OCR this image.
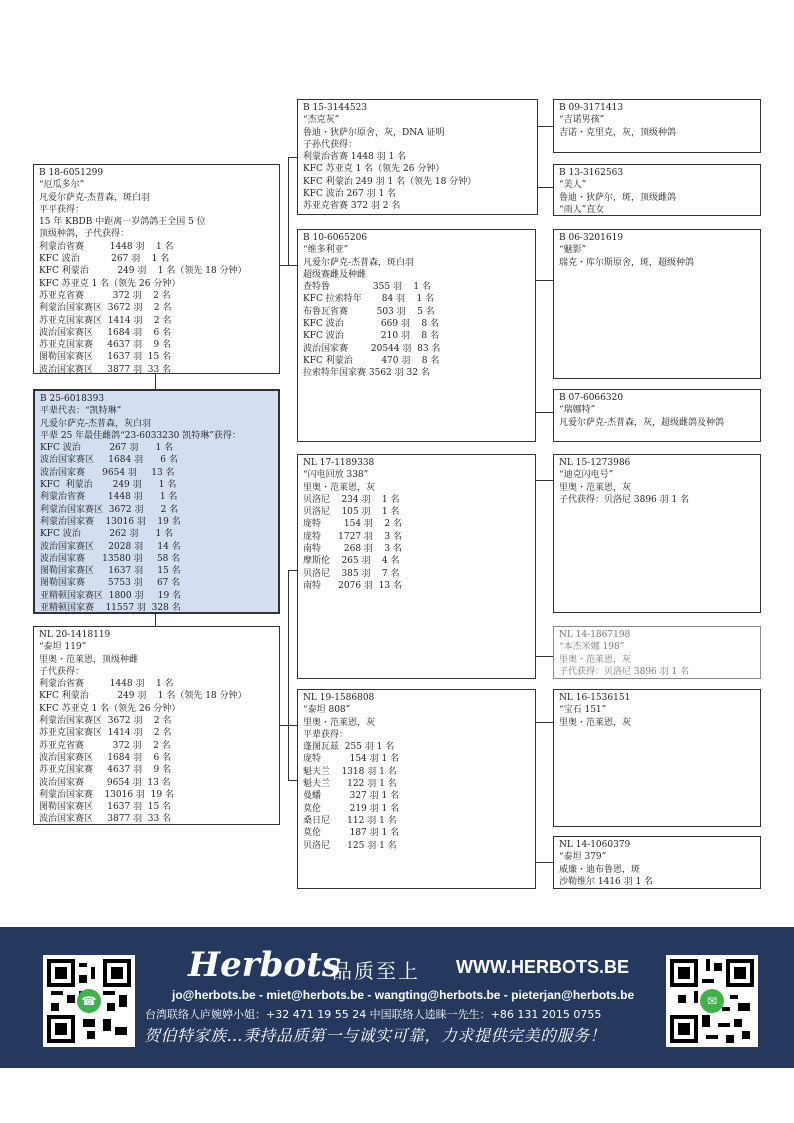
B 25-6018393
平辈代表：“凯特琳”
凡爱尔萨克-杰普森，灰白羽
平辈 25 年最佳雌鸽“23-6033230 凯特琳”获得：
KFC 波治          267 羽      1 名
波治国家赛区     1684 羽      6 名
波治国家赛      9654 羽     13 名
KFC  利蒙治       249 羽      1 名
利蒙治省赛        1448 羽      1 名
利蒙治国家赛区  3672 羽      2 名
利蒙治国家赛    13016 羽    19 名
KFC 波治          262 羽      1 名
波治国家赛区     2028 羽     14 名
波治国家赛      13580 羽     58 名
图勒国家赛区     1637 羽     15 名
图勒国家赛        5753 羽     67 名
亚精顿国家赛区  1800 羽     19 名
亚精顿国家赛    11557 羽  328 名
B 18-6051299
“厄瓜多尔”
凡爱尔萨克-杰普森，斑白羽
平平获得：
15 年 KBDB 中距离一岁鸽鸽王全国 5 位
顶级种鸽，子代获得：
利蒙治省赛         1448 羽    1 名
KFC 波治           267 羽    1 名
KFC 利蒙治          249 羽    1 名（领先 18 分钟）
KFC 苏亚克 1 名（领先 26 分钟）
苏亚克省赛          372 羽    2 名
利蒙治国家赛区  3672 羽    2 名
苏亚克国家赛区  1414 羽    2 名
波治国家赛区     1684 羽    6 名
苏亚克国家赛     4637 羽    9 名
图勒国家赛区     1637 羽  15 名
波治国家赛区     3877 羽  33 名
NL 20-1418119
“泰坦 119”
里奥・范莱恩，顶级种雌
子代获得：
利蒙治省赛         1448 羽    1 名
KFC 利蒙治          249 羽    1 名（领先 18 分钟）
KFC 苏亚克 1 名（领先 26 分钟）
利蒙治国家赛区  3672 羽    2 名
苏亚克国家赛区  1414 羽    2 名
苏亚克省赛          372 羽    2 名
波治国家赛区     1684 羽    6 名
苏亚克国家赛     4637 羽    9 名
波治国家赛        9654 羽  13 名
利蒙治国家赛    13016 羽  19 名
图勒国家赛区     1637 羽  15 名
波治国家赛区     3877 羽  33 名
B 15-3144523
“杰克灰”
鲁迪・狄萨尔原舍，灰，DNA 证明
子孙代获得：
利蒙治省赛 1448 羽 1 名
KFC 苏亚克 1 名（领先 26 分钟）
KFC 利蒙治 249 羽 1 名（领先 18 分钟）
KFC 波治 267 羽 1 名
苏亚克省赛 372 羽 2 名
B 10-6065206
“维多利亚”
凡爱尔萨克-杰普森，斑白羽
超级赛雌及种雌
查特鲁               355 羽    1 名
KFC 拉索特年       84 羽    1 名
布鲁瓦省赛          503 羽    5 名
KFC 波治             669 羽    8 名
KFC 波治             210 羽    8 名
波治国家赛        20544 羽  83 名
KFC 利蒙治          470 羽    8 名
拉索特年国家赛 3562 羽 32 名
NL 17-1189338
“闪电回放 338”
里奥・范莱恩，灰
贝洛尼    234 羽    1 名
贝洛尼    105 羽    1 名
庞特        154 羽    2 名
庞特      1727 羽    3 名
南特        268 羽    3 名
摩斯伦    265 羽    4 名
贝洛尼    385 羽    7 名
南特      2076 羽  13 名
NL 19-1586808
“泰坦 808”
里奥・范莱恩，灰
平辈获得：
蓬图瓦兹  255 羽 1 名
庞特          154 羽 1 名
魁夫兰    1318 羽 1 名
魁夫兰      122 羽 1 名
曼蟠          327 羽 1 名
莫伦          219 羽 1 名
桑日尼      112 羽 1 名
莫伦          187 羽 1 名
贝洛尼      125 羽 1 名
B 09-3171413
“吉诺男孩”
吉诺・克里克，灰，顶级种鸽
B 13-3162563
“美人”
鲁迪・狄萨尔，斑，顶级雌鸽
“雨人”直女
B 06-3201619
“魅影”
瑞克・库尔斯原舍，斑，超级种鸽
B 07-6066320
“瑞娜特”
凡爱尔萨克-杰普森，灰，超级雌鸽及种鸽
NL 15-1273986
“迪克闪电号”
里奥・范莱恩，灰
子代获得：贝洛尼 3896 羽 1 名
NL 14-1867198
“本杰米娜 198”
里奥・范莱恩，灰
子代获得：贝洛尼 3896 羽 1 名
NL 16-1536151
“宝石 151”
里奥・范莱恩，灰
NL 14-1060379
“泰坦 379”
威廉・迪布鲁恩，斑
沙勒维尔 1416 羽 1 名
☎
Herbots
品质至上 WWW.HERBOTS.BE
jo@herbots.be - miet@herbots.be - wangting@herbots.be - pieterjan@herbots.be
台湾联络人庐婉婷小姐：+32 471 19 55 24 中国联络人逵睐一先生：+86 131 2015 0755
贺伯特家族…秉持品质第一与诚实可靠，力求提供完美的服务！
✉
